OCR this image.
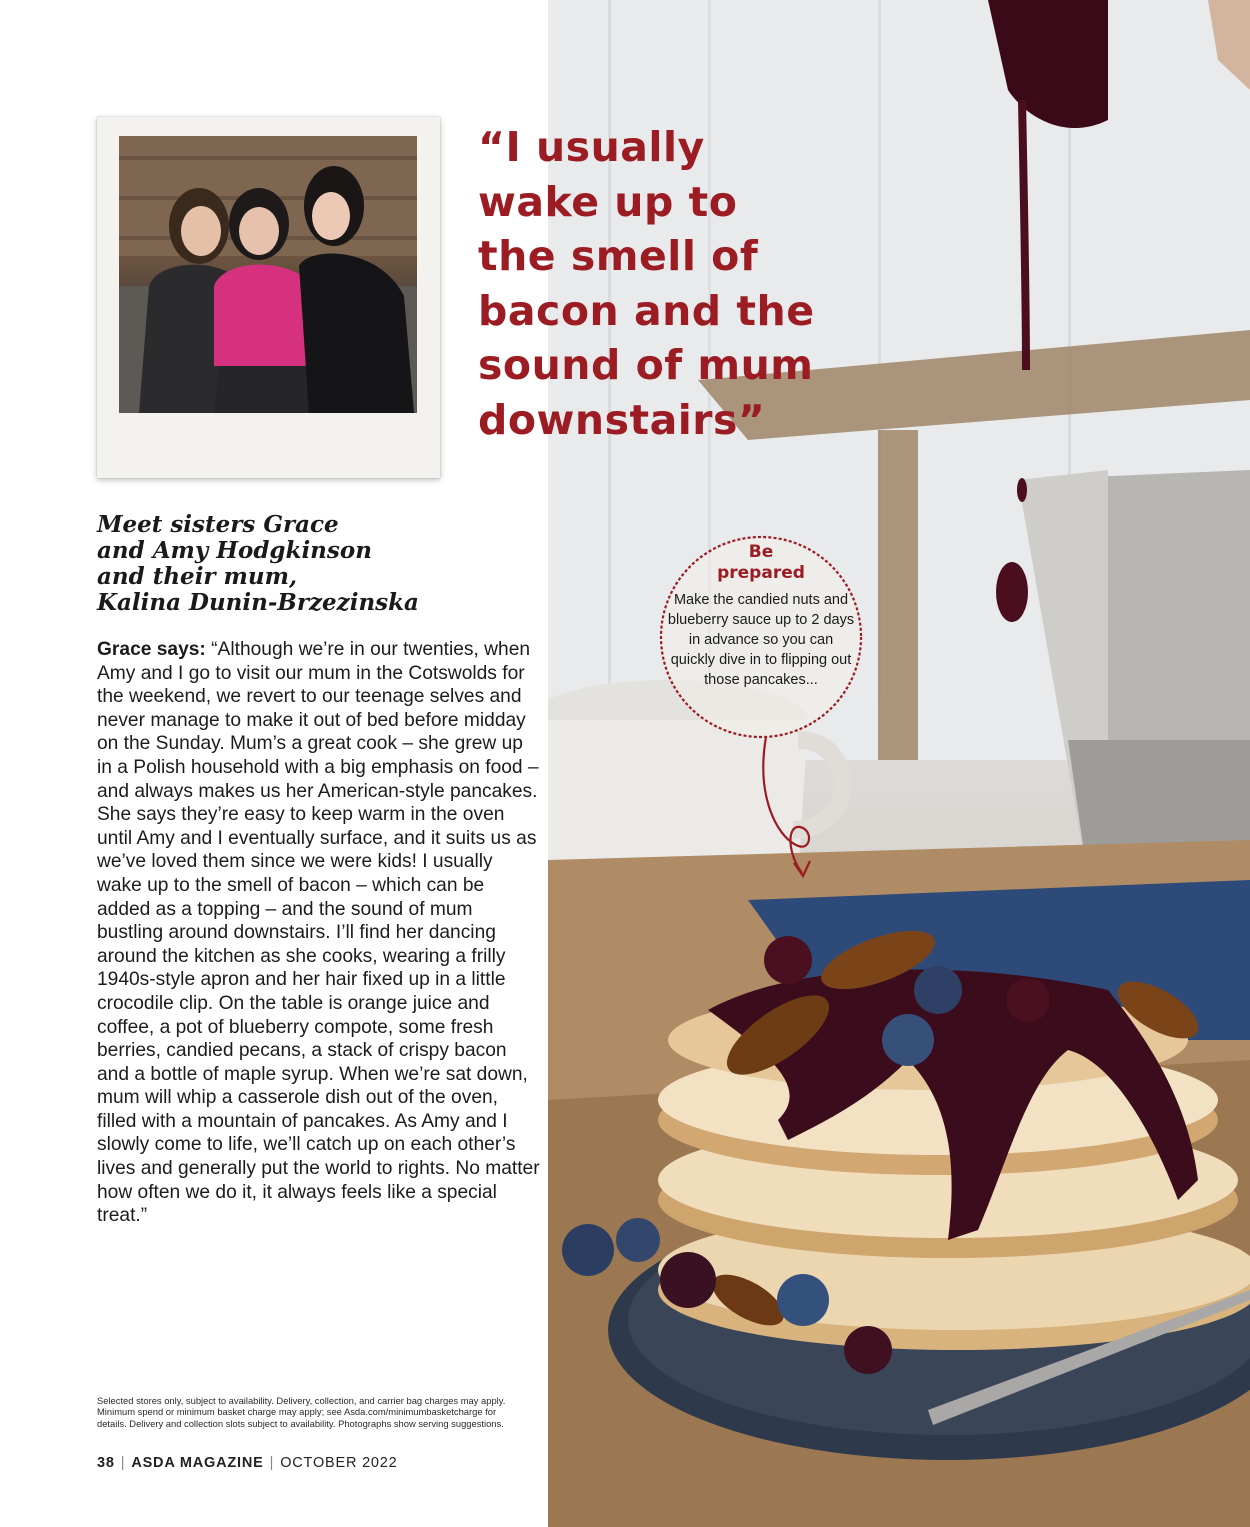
“I usually
wake up to
the smell of
bacon and the
sound of mum
downstairs”

Meet sisters Grace
and Amy Hodgkinson
and their mum,
Kalina Dunin-Brzezinska

Grace says: “Although we’re in our twenties, when Amy and I go to visit our mum in the Cotswolds for the weekend, we revert to our teenage selves and never manage to make it out of bed before midday on the Sunday. Mum’s a great cook – she grew up in a Polish household with a big emphasis on food – and always makes us her American-style pancakes. She says they’re easy to keep warm in the oven until Amy and I eventually surface, and it suits us as we’ve loved them since we were kids! I usually wake up to the smell of bacon – which can be added as a topping – and the sound of mum bustling around downstairs. I’ll find her dancing around the kitchen as she cooks, wearing a frilly 1940s-style apron and her hair fixed up in a little crocodile clip. On the table is orange juice and coffee, a pot of blueberry compote, some fresh berries, candied pecans, a stack of crispy bacon and a bottle of maple syrup. When we’re sat down, mum will whip a casserole dish out of the oven, filled with a mountain of pancakes. As Amy and I slowly come to life, we’ll catch up on each other’s lives and generally put the world to rights. No matter how often we do it, it always feels like a special treat.”

Be
prepared
Make the candied nuts and blueberry sauce up to 2 days in advance so you can quickly dive in to flipping out those pancakes...

Selected stores only, subject to availability. Delivery, collection, and carrier bag charges may apply. Minimum spend or minimum basket charge may apply; see Asda.com/minimumbasketcharge for details. Delivery and collection slots subject to availability. Photographs show serving suggestions.

38 | ASDA MAGAZINE | OCTOBER 2022
